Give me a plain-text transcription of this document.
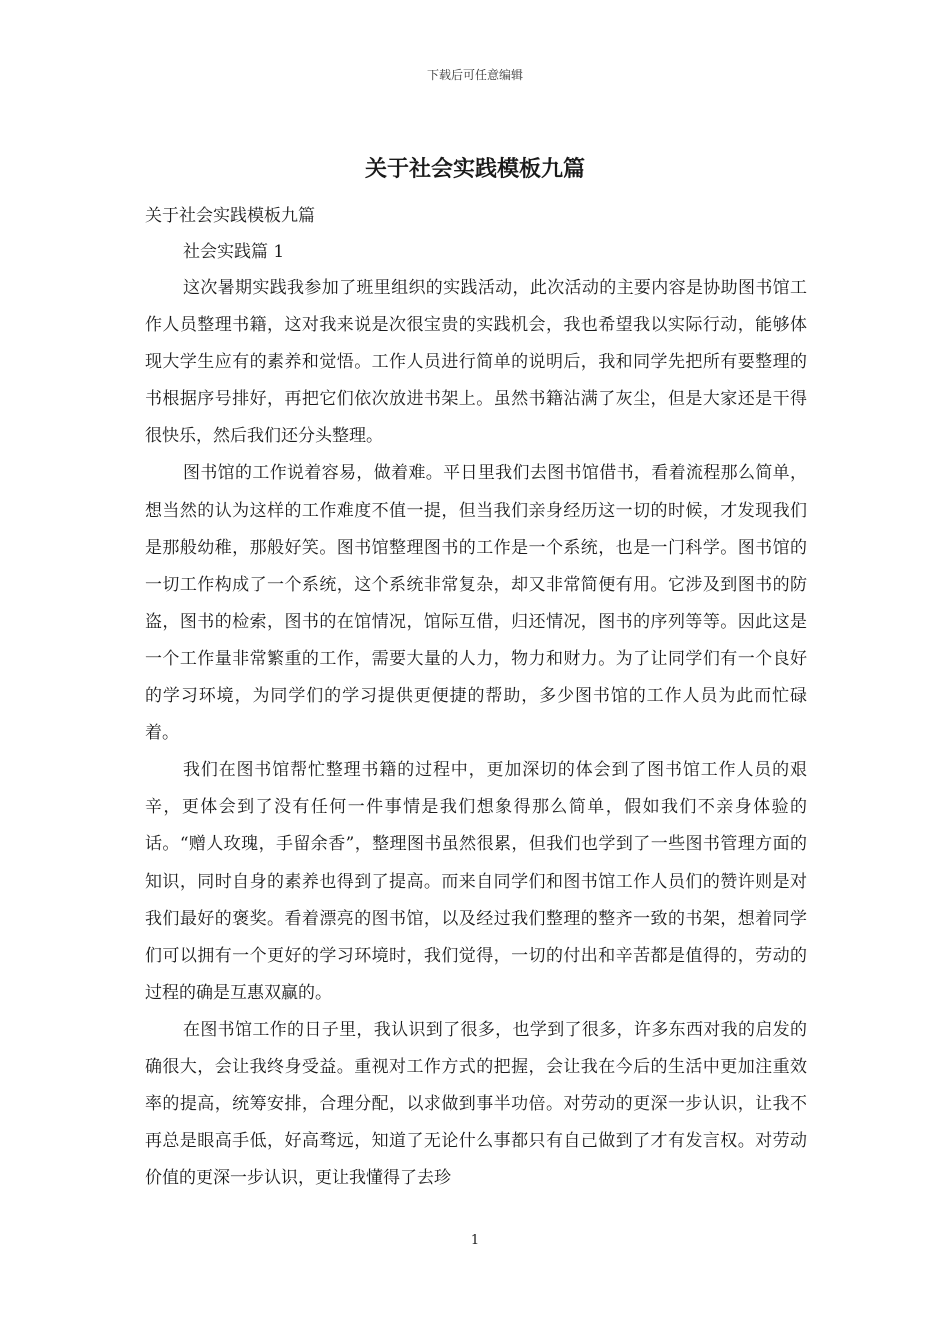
下载后可任意编辑
关于社会实践模板九篇

关于社会实践模板九篇

社会实践篇 1

这次暑期实践我参加了班里组织的实践活动，此次活动的主要内容是协助图书馆工作人员整理书籍，这对我来说是次很宝贵的实践机会，我也希望我以实际行动，能够体现大学生应有的素养和觉悟。工作人员进行简单的说明后，我和同学先把所有要整理的书根据序号排好，再把它们依次放进书架上。虽然书籍沾满了灰尘，但是大家还是干得很快乐，然后我们还分头整理。

图书馆的工作说着容易，做着难。平日里我们去图书馆借书，看着流程那么简单，想当然的认为这样的工作难度不值一提，但当我们亲身经历这一切的时候，才发现我们是那般幼稚，那般好笑。图书馆整理图书的工作是一个系统，也是一门科学。图书馆的一切工作构成了一个系统，这个系统非常复杂，却又非常简便有用。它涉及到图书的防盗，图书的检索，图书的在馆情况，馆际互借，归还情况，图书的序列等等。因此这是一个工作量非常繁重的工作，需要大量的人力，物力和财力。为了让同学们有一个良好的学习环境，为同学们的学习提供更便捷的帮助，多少图书馆的工作人员为此而忙碌着。

我们在图书馆帮忙整理书籍的过程中，更加深切的体会到了图书馆工作人员的艰辛，更体会到了没有任何一件事情是我们想象得那么简单，假如我们不亲身体验的话。“赠人玫瑰，手留余香”，整理图书虽然很累，但我们也学到了一些图书管理方面的知识，同时自身的素养也得到了提高。而来自同学们和图书馆工作人员们的赞许则是对我们最好的褒奖。看着漂亮的图书馆，以及经过我们整理的整齐一致的书架，想着同学们可以拥有一个更好的学习环境时，我们觉得，一切的付出和辛苦都是值得的，劳动的过程的确是互惠双赢的。

在图书馆工作的日子里，我认识到了很多，也学到了很多，许多东西对我的启发的确很大，会让我终身受益。重视对工作方式的把握，会让我在今后的生活中更加注重效率的提高，统筹安排，合理分配，以求做到事半功倍。对劳动的更深一步认识，让我不再总是眼高手低，好高骛远，知道了无论什么事都只有自己做到了才有发言权。对劳动价值的更深一步认识，更让我懂得了去珍

1
